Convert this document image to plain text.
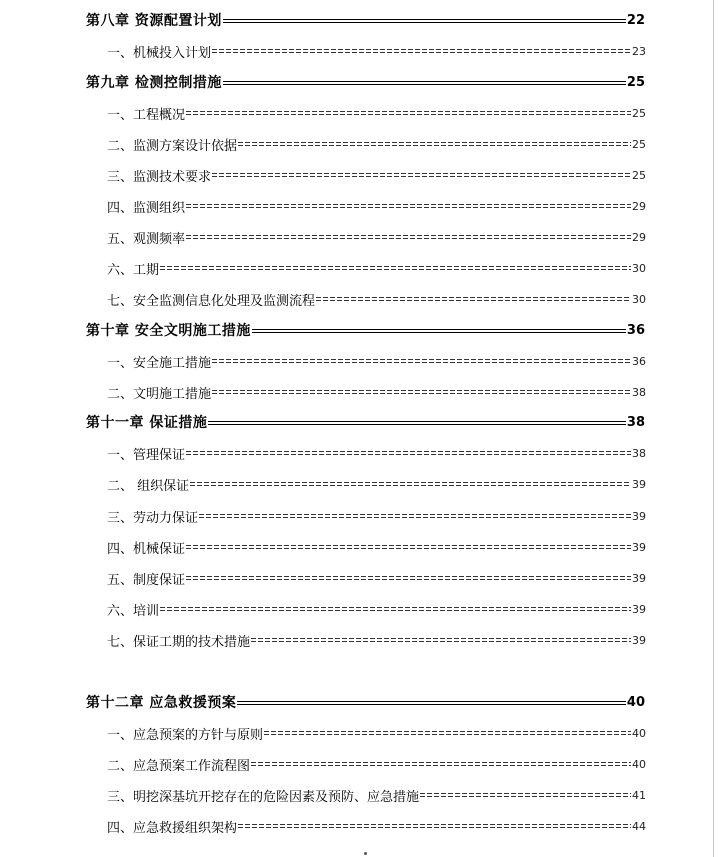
第八章 资源配置计划	22
一、机械投入计划	23
第九章 检测控制措施	25
一、工程概况	25
二、监测方案设计依据	25
三、监测技术要求	25
四、监测组织	29
五、观测频率	29
六、工期	30
七、安全监测信息化处理及监测流程	30
第十章 安全文明施工措施	36
一、安全施工措施	36
二、文明施工措施	38
第十一章 保证措施	38
一、管理保证	38
二、 组织保证	39
三、劳动力保证	39
四、机械保证	39
五、制度保证	39
六、培训	39
七、保证工期的技术措施	39
第十二章 应急救援预案	40
一、应急预案的方针与原则	40
二、应急预案工作流程图	40
三、明挖深基坑开挖存在的危险因素及预防、应急措施	41
四、应急救援组织架构	44
